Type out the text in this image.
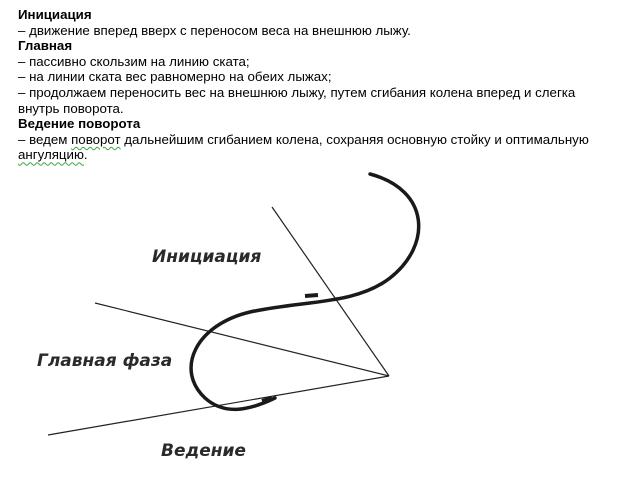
Инициация
– движение вперед вверх с переносом веса на внешнюю лыжу.
Главная
– пассивно скользим на линию ската;
– на линии ската вес равномерно на обеих лыжах;
– продолжаем переносить вес на внешнюю лыжу, путем сгибания колена вперед и слегка внутрь поворота.
Ведение поворота
– ведем поворот дальнейшим сгибанием колена, сохраняя основную стойку и оптимальную ангуляцию.
Инициация
Главная фаза
Ведение
